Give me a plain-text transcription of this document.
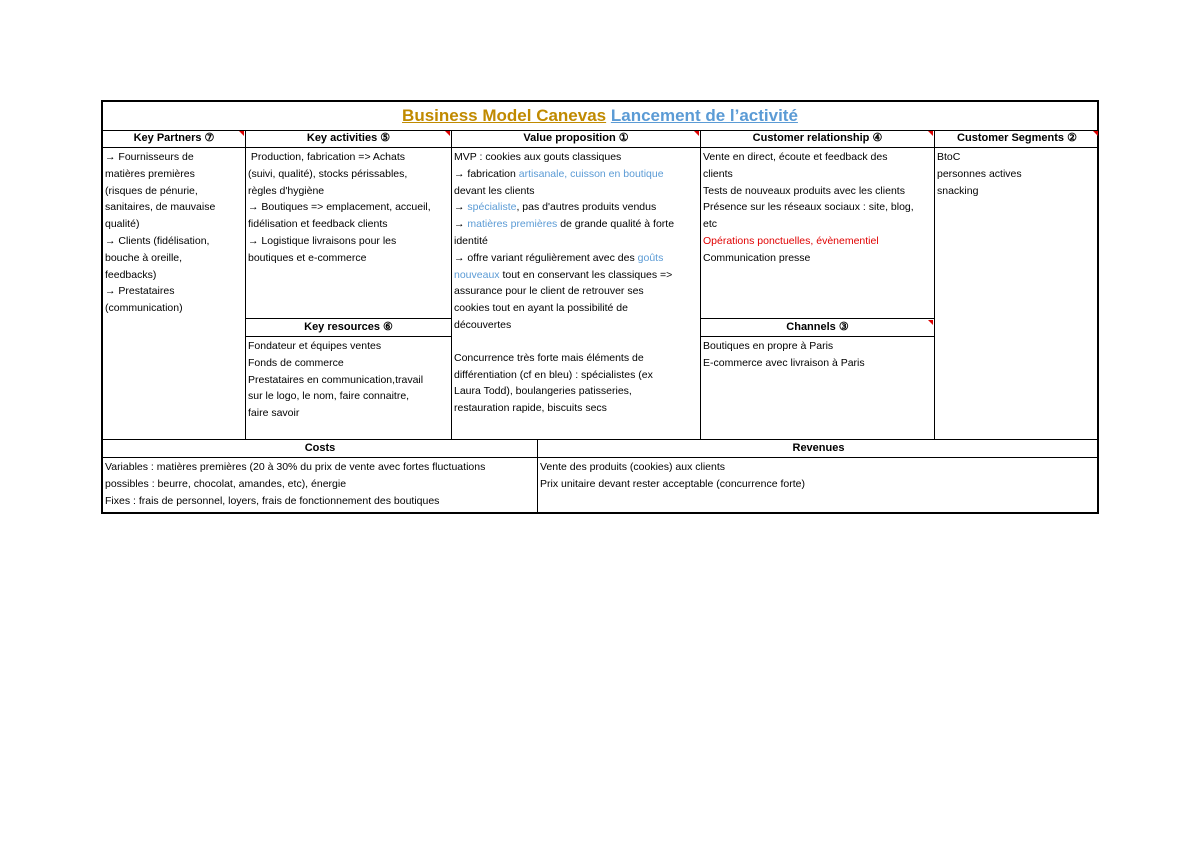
Business Model Canevas Lancement de l’activité
Key Partners ⑦
→ Fournisseurs de
matières premières
(risques de pénurie,
sanitaires, de mauvaise
qualité)
→ Clients (fidélisation,
bouche à oreille,
feedbacks)
→ Prestataires
(communication)
Key activities ⑤
Production, fabrication => Achats
(suivi, qualité), stocks périssables,
règles d'hygiène
→ Boutiques => emplacement, accueil,
fidélisation et feedback clients
→ Logistique livraisons pour les
boutiques et e-commerce
Key resources ⑥
Fondateur et équipes ventes
Fonds de commerce
Prestataires en communication,travail
sur le logo, le nom, faire connaitre,
faire savoir
Value proposition ①
MVP : cookies aux gouts classiques
→ fabrication artisanale, cuisson en boutique
devant les clients
→ spécialiste, pas d'autres produits vendus
→ matières premières de grande qualité à forte
identité
→ offre variant régulièrement avec des goûts
nouveaux tout en conservant les classiques =>
assurance pour le client de retrouver ses
cookies tout en ayant la possibilité de
découvertes
Concurrence très forte mais éléments de
différentiation (cf en bleu) : spécialistes (ex
Laura Todd), boulangeries patisseries,
restauration rapide, biscuits secs
Customer relationship ④
Vente en direct, écoute et feedback des
clients
Tests de nouveaux produits avec les clients
Présence sur les réseaux sociaux : site, blog,
etc
Opérations ponctuelles, évènementiel
Communication presse
Channels ③
Boutiques en propre à Paris
E-commerce avec livraison à Paris
Customer Segments ②
BtoC
personnes actives
snacking
Costs
Variables : matières premières (20 à 30% du prix de vente avec fortes fluctuations
possibles : beurre, chocolat, amandes, etc), énergie
Fixes : frais de personnel, loyers, frais de fonctionnement des boutiques
Revenues
Vente des produits (cookies) aux clients
Prix unitaire devant rester acceptable (concurrence forte)
